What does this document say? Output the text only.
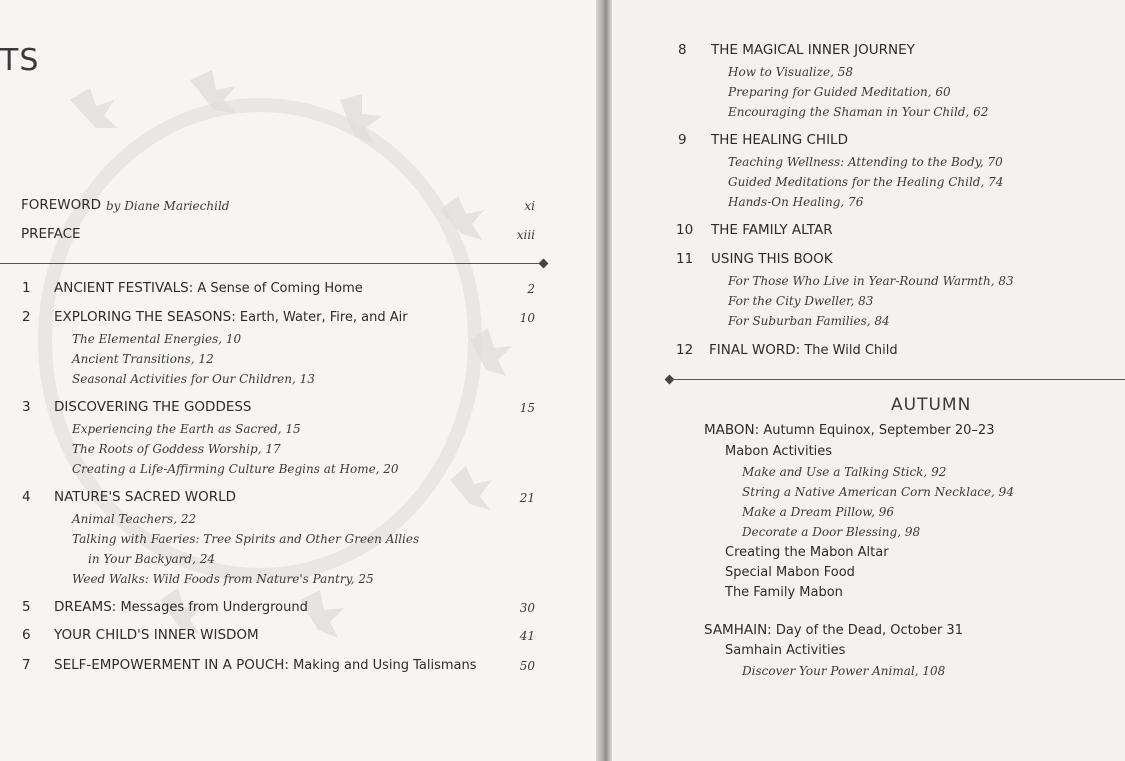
TS
FOREWORD by Diane Mariechild	xi
PREFACE	xiii
1 ANCIENT FESTIVALS: A Sense of Coming Home	2
2 EXPLORING THE SEASONS: Earth, Water, Fire, and Air	10
The Elemental Energies, 10
Ancient Transitions, 12
Seasonal Activities for Our Children, 13
3 DISCOVERING THE GODDESS	15
Experiencing the Earth as Sacred, 15
The Roots of Goddess Worship, 17
Creating a Life-Affirming Culture Begins at Home, 20
4 NATURE'S SACRED WORLD	21
Animal Teachers, 22
Talking with Faeries: Tree Spirits and Other Green Allies
in Your Backyard, 24
Weed Walks: Wild Foods from Nature's Pantry, 25
5 DREAMS: Messages from Underground	30
6 YOUR CHILD'S INNER WISDOM	41
7 SELF-EMPOWERMENT IN A POUCH: Making and Using Talismans	50
8 THE MAGICAL INNER JOURNEY
How to Visualize, 58
Preparing for Guided Meditation, 60
Encouraging the Shaman in Your Child, 62
9 THE HEALING CHILD
Teaching Wellness: Attending to the Body, 70
Guided Meditations for the Healing Child, 74
Hands-On Healing, 76
10 THE FAMILY ALTAR
11 USING THIS BOOK
For Those Who Live in Year-Round Warmth, 83
For the City Dweller, 83
For Suburban Families, 84
12 FINAL WORD: The Wild Child
AUTUMN
MABON: Autumn Equinox, September 20–23
Mabon Activities
Make and Use a Talking Stick, 92
String a Native American Corn Necklace, 94
Make a Dream Pillow, 96
Decorate a Door Blessing, 98
Creating the Mabon Altar
Special Mabon Food
The Family Mabon
SAMHAIN: Day of the Dead, October 31
Samhain Activities
Discover Your Power Animal, 108
